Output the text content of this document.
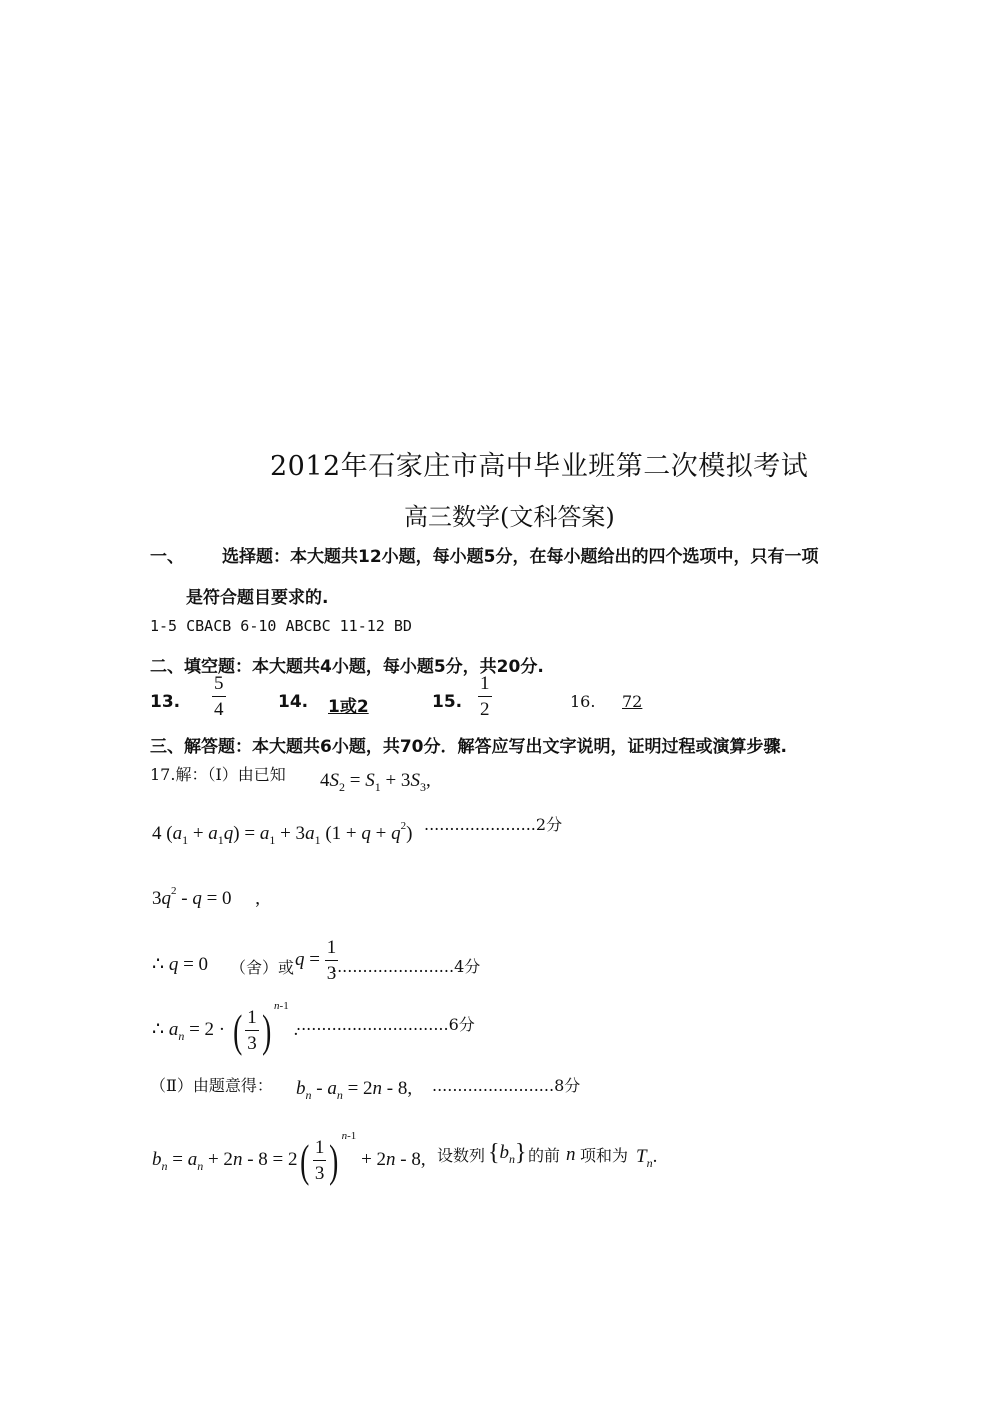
2012年石家庄市高中毕业班第二次模拟考试
高三数学(文科答案)
一、 选择题：本大题共12小题，每小题5分，在每小题给出的四个选项中，只有一项
是符合题目要求的.
1-5 CBACB 6-10 ABCBC 11-12 BD
二、填空题：本大题共4小题，每小题5分，共20分.
13. $\frac{5}{4}$	14.	1或2	15. $\frac{1}{2}$	16. 72
三、解答题：本大题共6小题，共70分．解答应写出文字说明，证明过程或演算步骤.
17.解：（Ⅰ）由已知 $4S_2 = S_1 + 3S_3$,
4 $(a_1 + a_1q) = a_1 + 3a_1$ $(1 + q + q^2)$ ......................2分
$3q^2 - q = 0$     ,
∴ q = 0 （舍）或 $q = \frac{1}{3}$
........................4分
∴ $a_n = 2$ · ( $\frac{1}{3}$ ) $^{n-1}$ .
..............................6分
（Ⅱ）由题意得： $b_n - a_n = 2n - 8$, ........................8分
$b_n = a_n + 2n - 8 = 2( \frac{1}{3}$ ) $^{n-1}$ + 2n - 8, 设数列 $\{b_n\}$ 的前 n 项和为 $T_n$.
